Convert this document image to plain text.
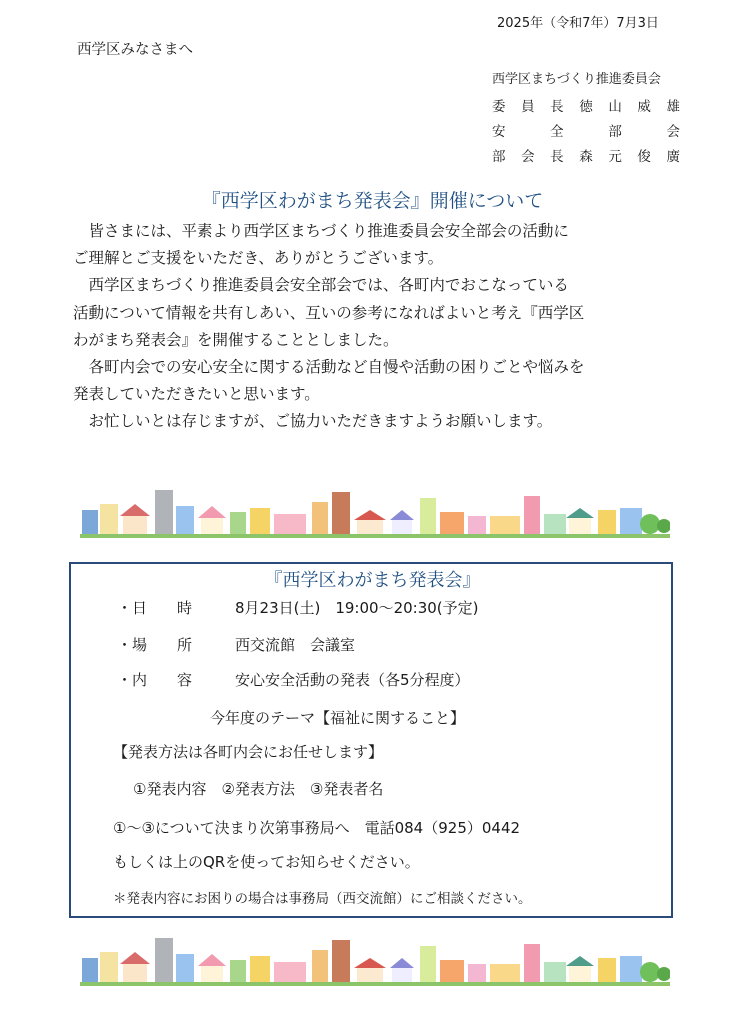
2025年（令和7年）7月3日
西学区みなさまへ
西学区まちづくり推進委員会
委 員 長 徳 山 威 雄
安	全	部	会
部 会 長 森 元 俊 廣
『西学区わがまち発表会』開催について
　皆さまには、平素より西学区まちづくり推進委員会安全部会の活動に
ご理解とご支援をいただき、ありがとうございます。
　西学区まちづくり推進委員会安全部会では、各町内でおこなっている
活動について情報を共有しあい、互いの参考になればよいと考え『西学区
わがまち発表会』を開催することとしました。
　各町内会での安心安全に関する活動など自慢や活動の困りごとや悩みを
発表していただきたいと思います。
　お忙しいとは存じますが、ご協力いただきますようお願いします。
『西学区わがまち発表会』
・日　　時	8月23日(土)　19:00～20:30(予定)
・場　　所	西交流館　会議室
・内　　容	安心安全活動の発表（各5分程度）
今年度のテーマ【福祉に関すること】
【発表方法は各町内会にお任せします】
①発表内容　②発表方法　③発表者名
①～③について決まり次第事務局へ　電話084（925）0442
もしくは上のQRを使ってお知らせください。
＊発表内容にお困りの場合は事務局（西交流館）にご相談ください。
